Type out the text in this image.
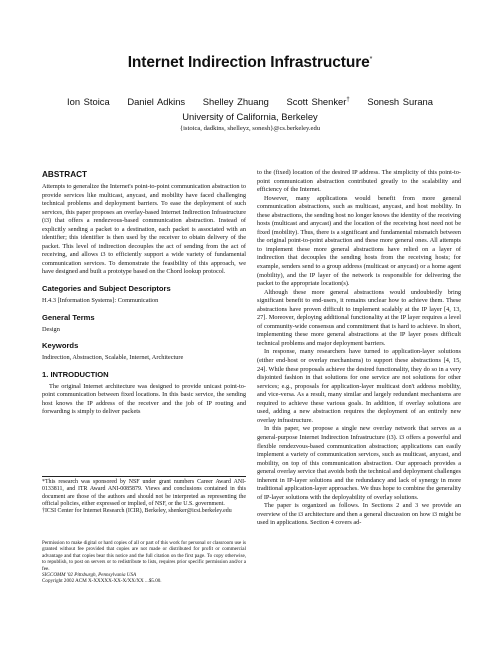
Internet Indirection Infrastructure*
Ion Stoica Daniel Adkins Shelley Zhuang Scott Shenker† Sonesh Surana
University of California, Berkeley
{istoica, dadkins, shelleyz, sonesh}@cs.berkeley.edu
ABSTRACT

Attempts to generalize the Internet's point-to-point communication abstraction to provide services like multicast, anycast, and mobility have faced challenging technical problems and deployment barriers. To ease the deployment of such services, this paper proposes an overlay-based Internet Indirection Infrastructure (i3) that offers a rendezvous-based communication abstraction. Instead of explicitly sending a packet to a destination, each packet is associated with an identifier; this identifier is then used by the receiver to obtain delivery of the packet. This level of indirection decouples the act of sending from the act of receiving, and allows i3 to efficiently support a wide variety of fundamental communication services. To demonstrate the feasibility of this approach, we have designed and built a prototype based on the Chord lookup protocol.

Categories and Subject Descriptors

H.4.3 [Information Systems]: Communication

General Terms

Design

Keywords

Indirection, Abstraction, Scalable, Internet, Architecture

1. INTRODUCTION

The original Internet architecture was designed to provide unicast point-to-point communication between fixed locations. In this basic service, the sending host knows the IP address of the receiver and the job of IP routing and forwarding is simply to deliver packets

*This research was sponsored by NSF under grant numbers Career Award ANI-0133811, and ITR Award ANI-0085879. Views and conclusions contained in this document are those of the authors and should not be interpreted as representing the official policies, either expressed or implied, of NSF, or the U.S. government.

†ICSI Center for Internet Research (ICIR), Berkeley, shenker@icsi.berkeley.edu

Permission to make digital or hard copies of all or part of this work for personal or classroom use is granted without fee provided that copies are not made or distributed for profit or commercial advantage and that copies bear this notice and the full citation on the first page. To copy otherwise, to republish, to post on servers or to redistribute to lists, requires prior specific permission and/or a fee.

SIGCOMM '02 Pittsburgh, Pennsylvania USA

Copyright 2002 ACM X-XXXXX-XX-X/XX/XX ...$5.00.

to the (fixed) location of the desired IP address. The simplicity of this point-to-point communication abstraction contributed greatly to the scalability and efficiency of the Internet.

However, many applications would benefit from more general communication abstractions, such as multicast, anycast, and host mobility. In these abstractions, the sending host no longer knows the identity of the receiving hosts (multicast and anycast) and the location of the receiving host need not be fixed (mobility). Thus, there is a significant and fundamental mismatch between the original point-to-point abstraction and these more general ones. All attempts to implement these more general abstractions have relied on a layer of indirection that decouples the sending hosts from the receiving hosts; for example, senders send to a group address (multicast or anycast) or a home agent (mobility), and the IP layer of the network is responsible for delivering the packet to the appropriate location(s).

Although these more general abstractions would undoubtedly bring significant benefit to end-users, it remains unclear how to achieve them. These abstractions have proven difficult to implement scalably at the IP layer [4, 13, 27]. Moreover, deploying additional functionality at the IP layer requires a level of community-wide consensus and commitment that is hard to achieve. In short, implementing these more general abstractions at the IP layer poses difficult technical problems and major deployment barriers.

In response, many researchers have turned to application-layer solutions (either end-host or overlay mechanisms) to support these abstractions [4, 15, 24]. While these proposals achieve the desired functionality, they do so in a very disjointed fashion in that solutions for one service are not solutions for other services; e.g., proposals for application-layer multicast don't address mobility, and vice-versa. As a result, many similar and largely redundant mechanisms are required to achieve these various goals. In addition, if overlay solutions are used, adding a new abstraction requires the deployment of an entirely new overlay infrastructure.

In this paper, we propose a single new overlay network that serves as a general-purpose Internet Indirection Infrastructure (i3). i3 offers a powerful and flexible rendezvous-based communication abstraction; applications can easily implement a variety of communication services, such as multicast, anycast, and mobility, on top of this communication abstraction. Our approach provides a general overlay service that avoids both the technical and deployment challenges inherent in IP-layer solutions and the redundancy and lack of synergy in more traditional application-layer approaches. We thus hope to combine the generality of IP-layer solutions with the deployability of overlay solutions.

The paper is organized as follows. In Sections 2 and 3 we provide an overview of the i3 architecture and then a general discussion on how i3 might be used in applications. Section 4 covers ad-
